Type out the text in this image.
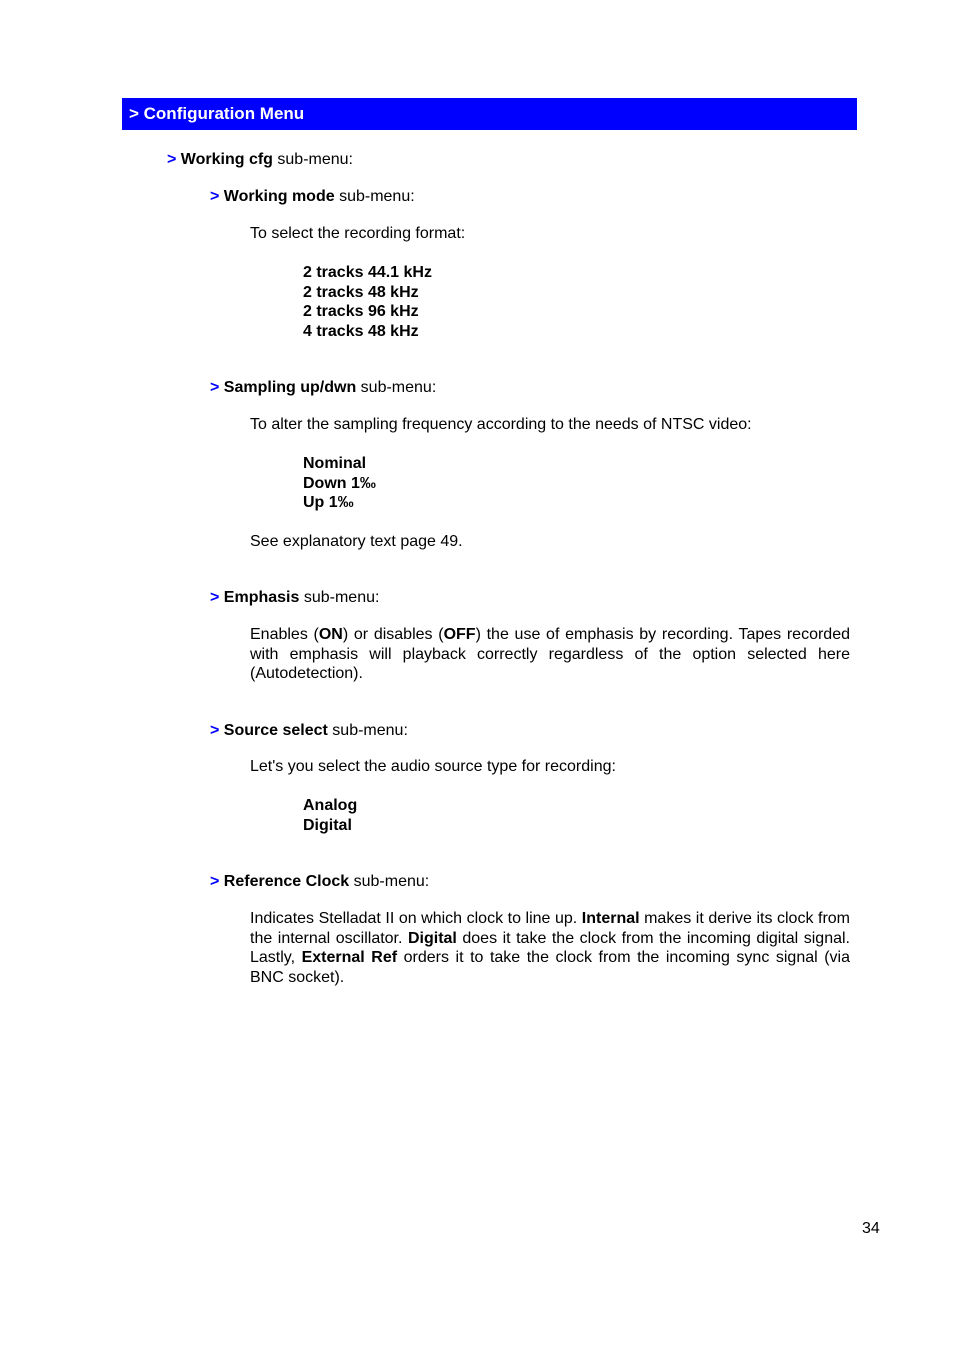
> Configuration Menu
> Working cfg sub-menu:
> Working mode sub-menu:
To select the recording format:
2 tracks 44.1 kHz
2 tracks 48 kHz
2 tracks 96 kHz
4 tracks 48 kHz
> Sampling up/dwn sub-menu:
To alter the sampling frequency according to the needs of NTSC video:
Nominal
Down 1‰
Up 1‰
See explanatory text page 49.
> Emphasis sub-menu:
Enables (ON) or disables (OFF) the use of emphasis by recording. Tapes recorded with emphasis will playback correctly regardless of the option selected here (Autodetection).
> Source select sub-menu:
Let's you select the audio source type for recording:
Analog
Digital
> Reference Clock sub-menu:
Indicates Stelladat II on which clock to line up. Internal makes it derive its clock from the internal oscillator. Digital does it take the clock from the incoming digital signal. Lastly, External Ref orders it to take the clock from the incoming sync signal (via BNC socket).
34
